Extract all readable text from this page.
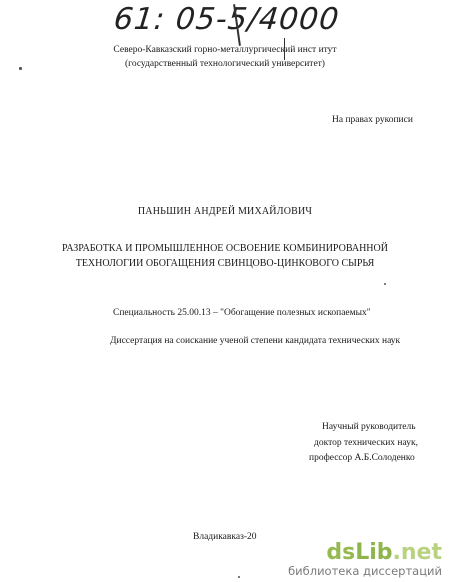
61: 05-5/4000
Северо-Кавказский горно-металлургический инст итут
(государственный технологический университет)
На правах рукописи
ПАНЬШИН АНДРЕЙ МИХАЙЛОВИЧ
РАЗРАБОТКА И ПРОМЫШЛЕННОЕ ОСВОЕНИЕ КОМБИНИРОВАННОЙ
ТЕХНОЛОГИИ ОБОГАЩЕНИЯ СВИНЦОВО-ЦИНКОВОГО СЫРЬЯ
Специальность 25.00.13 – "Обогащение полезных ископаемых"
Диссертация на соискание ученой степени кандидата технических наук
Научный руководитель
доктор технических наук,
профессор А.Б.Солоденко
Владикавказ-20
dsLib.net
библиотека диссертаций
